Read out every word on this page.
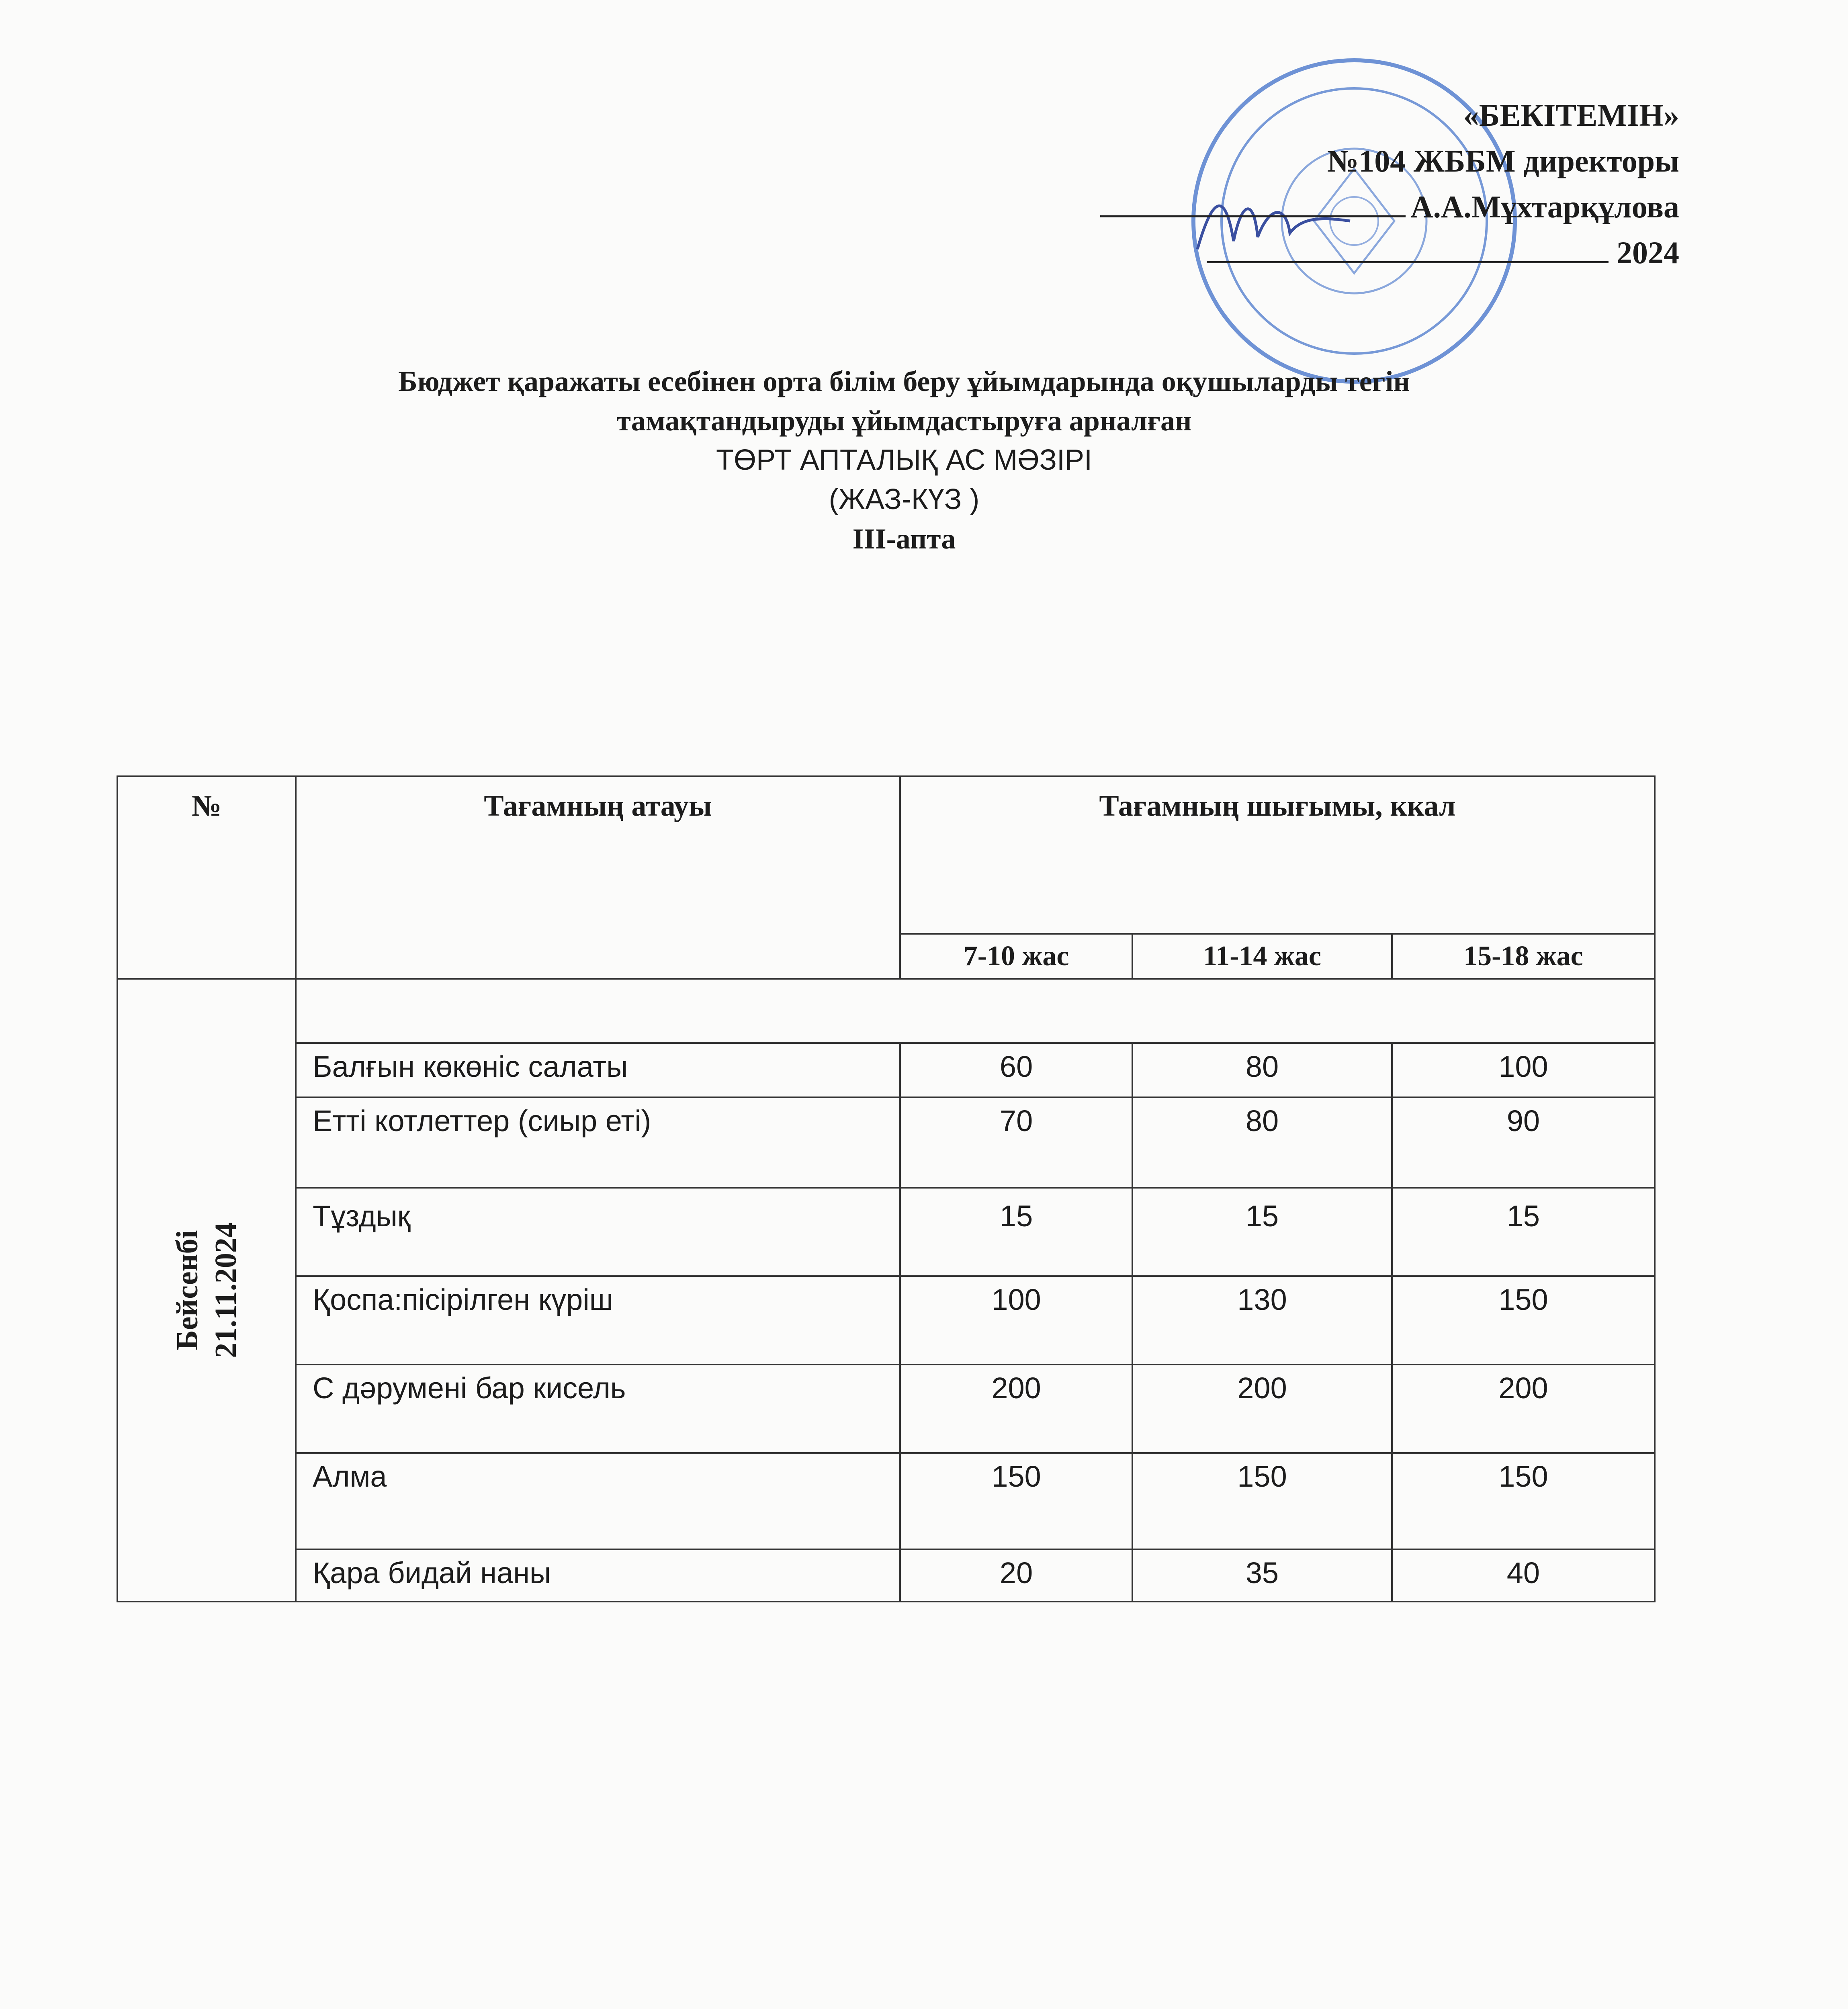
«БЕКІТЕМІН»
№104 ЖББМ директоры
А.А.Мұхтарқұлова
2024
Бюджет қаражаты есебінен орта білім беру ұйымдарында оқушыларды тегін
тамақтандыруды ұйымдастыруға арналған
ТӨРТ АПТАЛЫҚ АС МӘЗІРІ
(ЖАЗ-КҮЗ )
III-апта
№	Тағамның атауы	Тағамның шығымы, ккал		
		7-10 жас	11-14 жас	15-18 жас

Бейсенбі 21.11.2024				

	Балғын көкөніс салаты	60	80	100
	Етті котлеттер (сиыр еті)	70	80	90
	Тұздық	15	15	15
	Қоспа:пісірілген күріш	100	130	150
	С дәрумені бар кисель	200	200	200
	Алма	150	150	150
	Қара бидай наны	20	35	40
